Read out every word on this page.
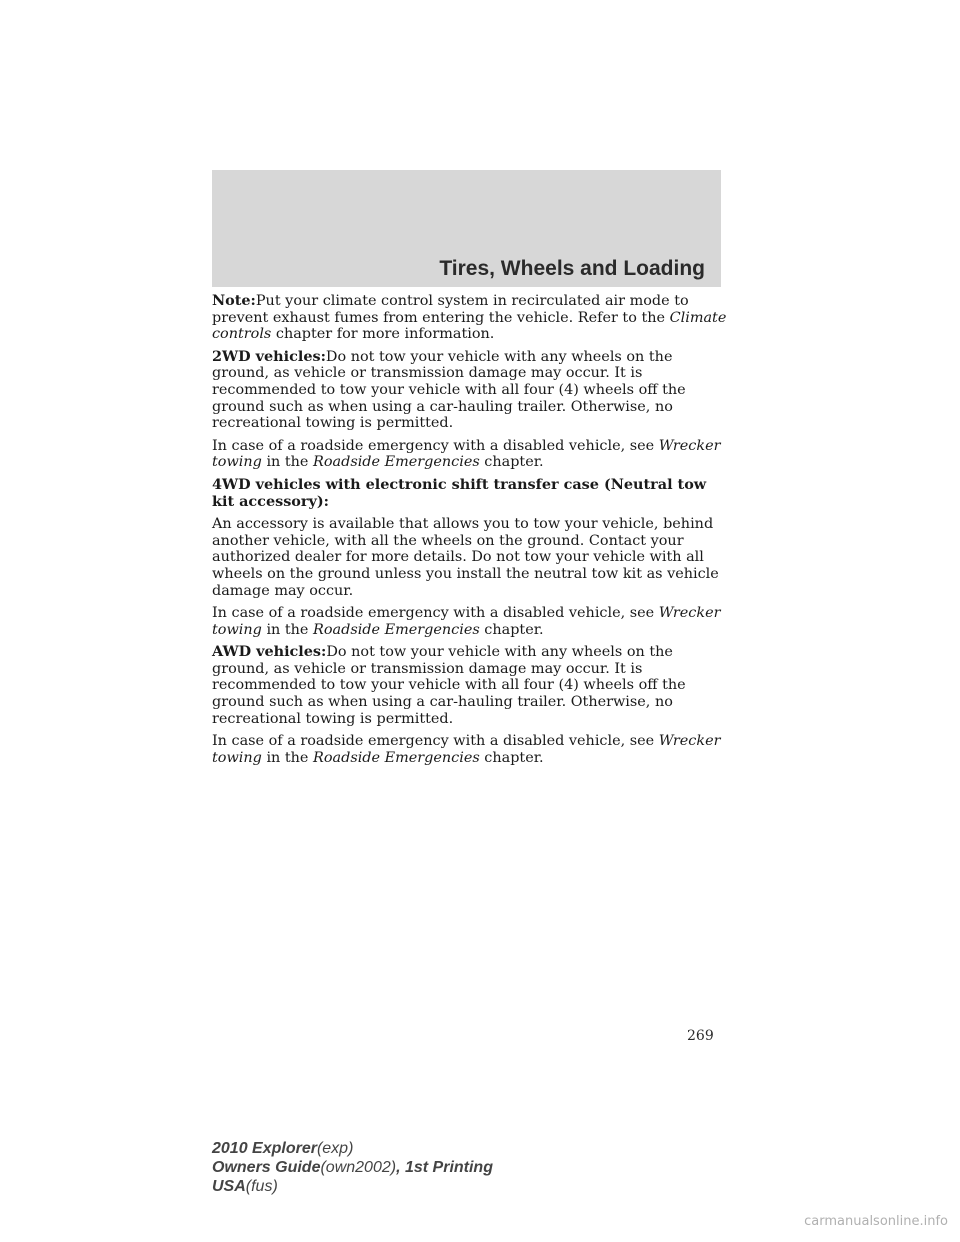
Tires, Wheels and Loading

Note:Put your climate control system in recirculated air mode to prevent exhaust fumes from entering the vehicle. Refer to the Climate controls chapter for more information.

2WD vehicles:Do not tow your vehicle with any wheels on the ground, as vehicle or transmission damage may occur. It is recommended to tow your vehicle with all four (4) wheels off the ground such as when using a car-hauling trailer. Otherwise, no recreational towing is permitted.

In case of a roadside emergency with a disabled vehicle, see Wrecker towing in the Roadside Emergencies chapter.

4WD vehicles with electronic shift transfer case (Neutral tow kit accessory):

An accessory is available that allows you to tow your vehicle, behind another vehicle, with all the wheels on the ground. Contact your authorized dealer for more details. Do not tow your vehicle with all wheels on the ground unless you install the neutral tow kit as vehicle damage may occur.

In case of a roadside emergency with a disabled vehicle, see Wrecker towing in the Roadside Emergencies chapter.

AWD vehicles:Do not tow your vehicle with any wheels on the ground, as vehicle or transmission damage may occur. It is recommended to tow your vehicle with all four (4) wheels off the ground such as when using a car-hauling trailer. Otherwise, no recreational towing is permitted.

In case of a roadside emergency with a disabled vehicle, see Wrecker towing in the Roadside Emergencies chapter.

269
2010 Explorer(exp)
Owners Guide(own2002), 1st Printing
USA(fus)
carmanualsonline.info
